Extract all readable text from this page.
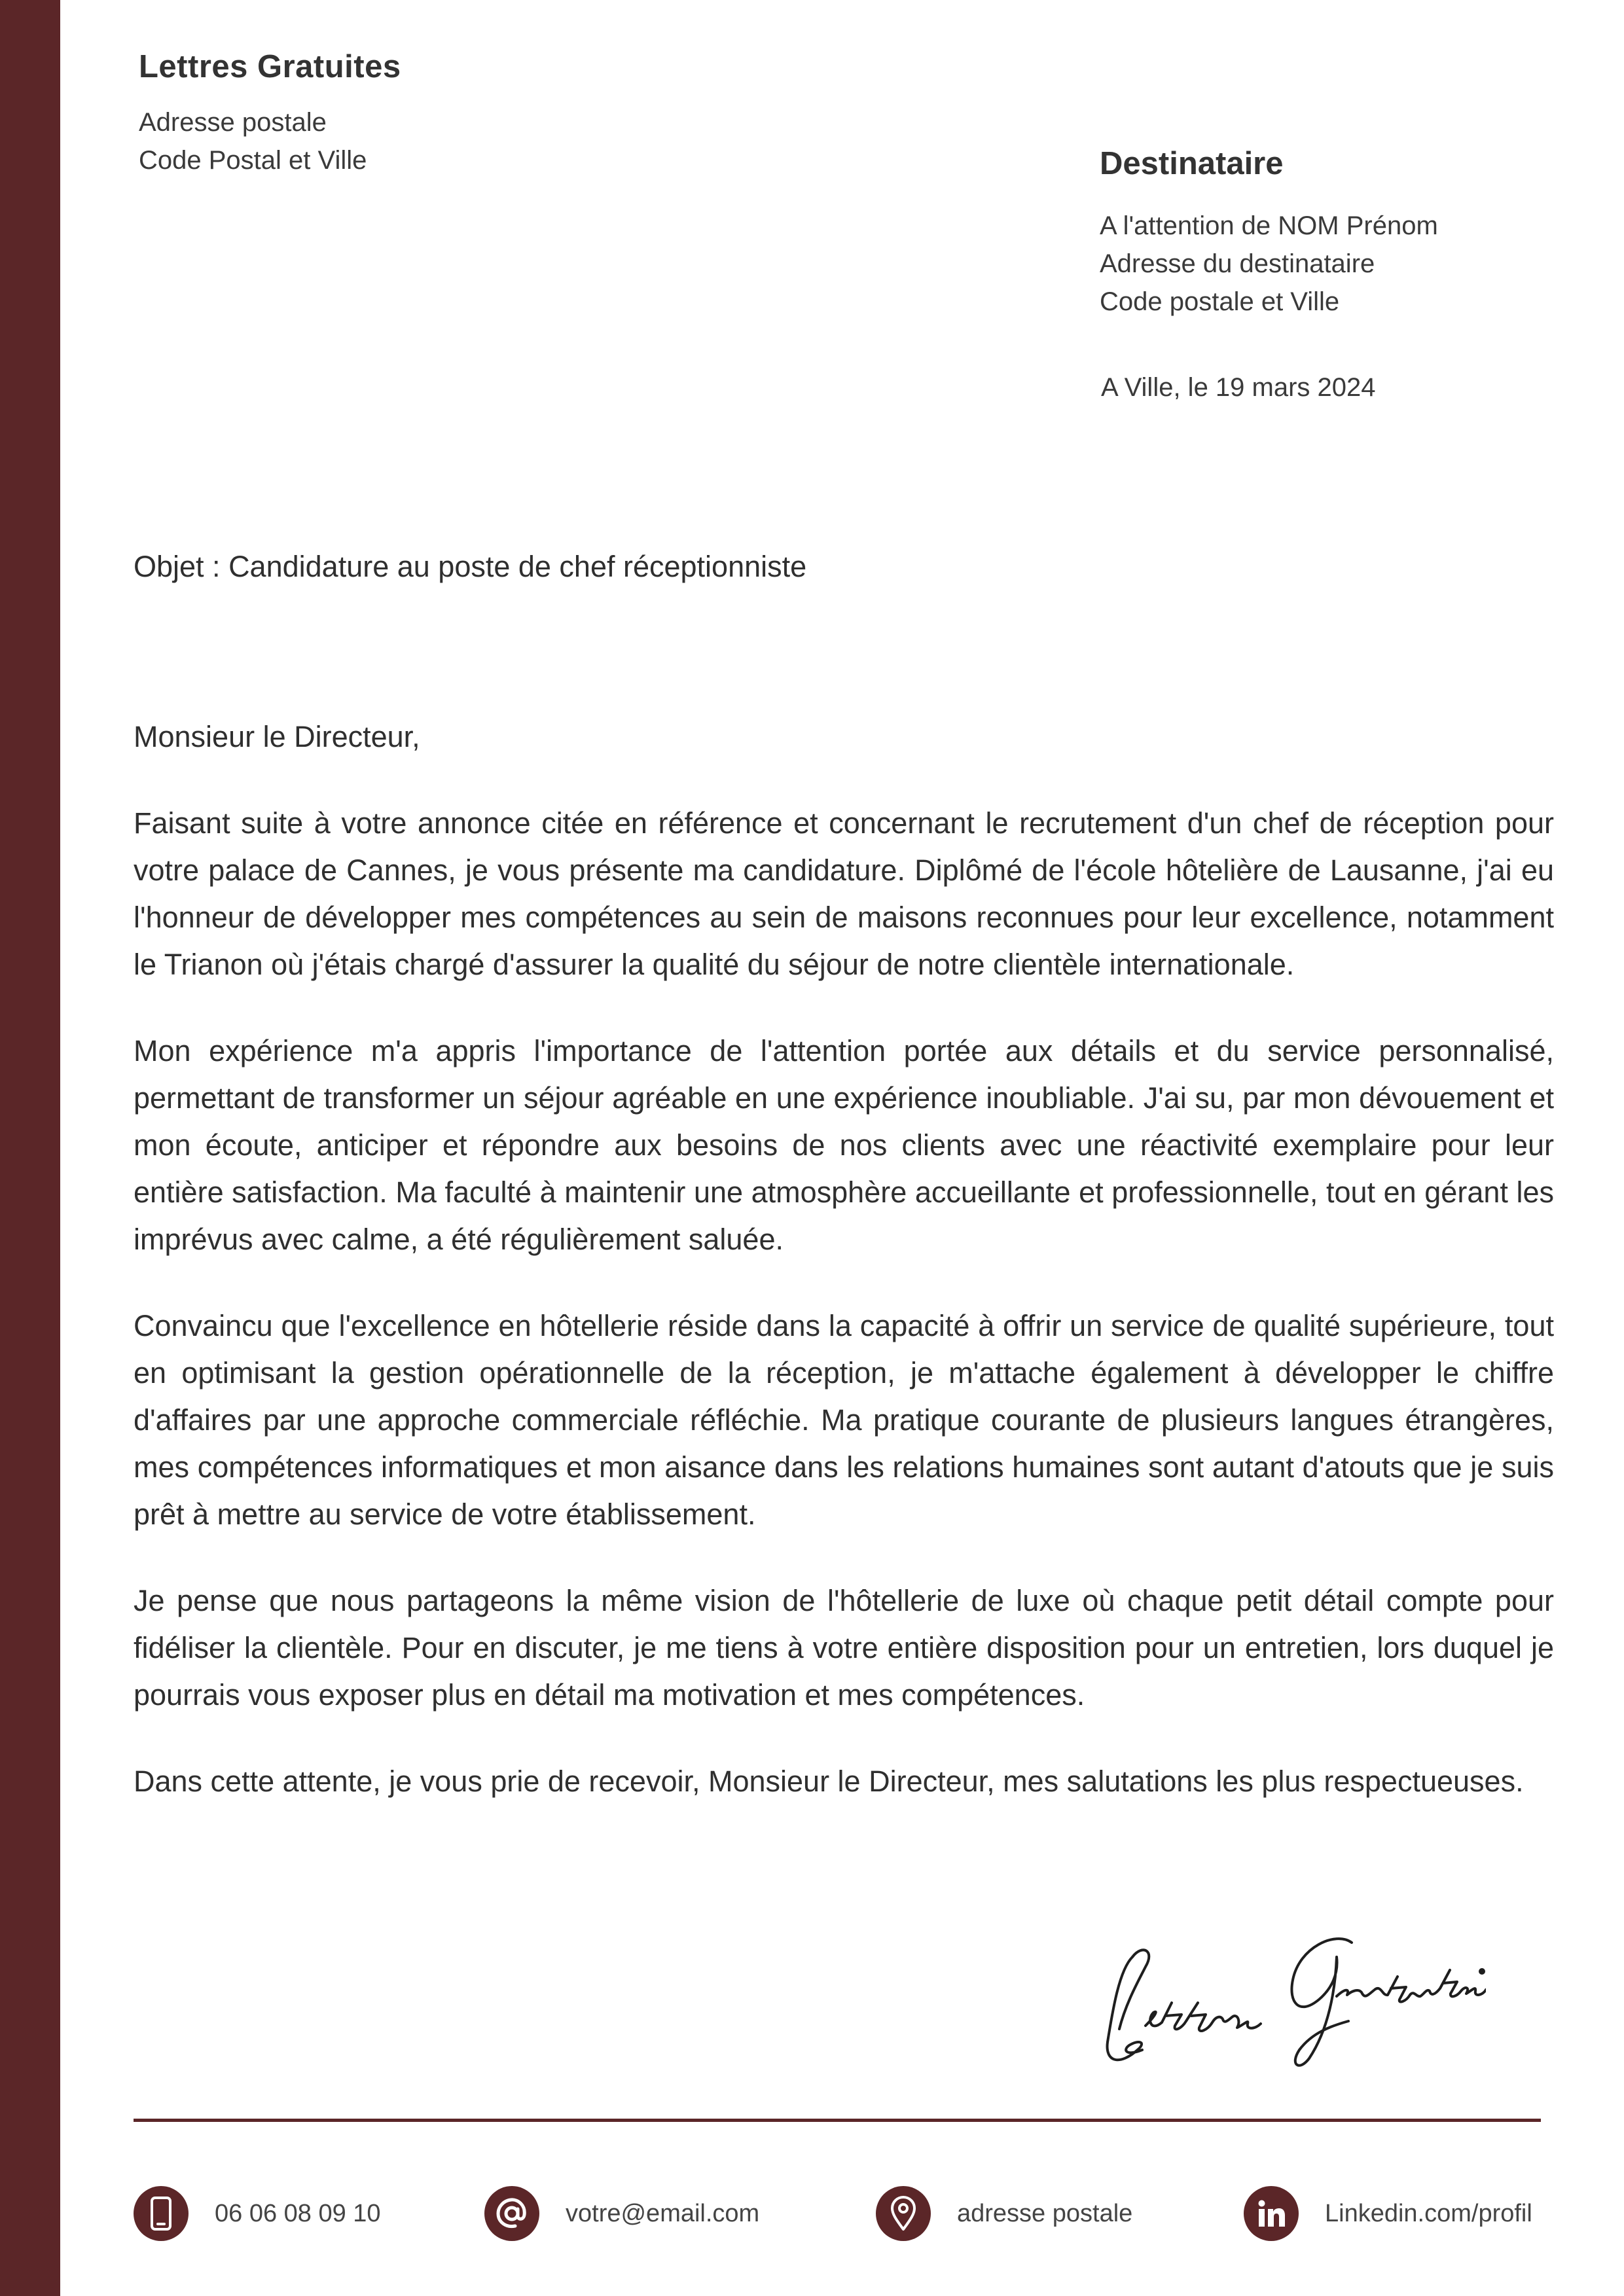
Lettres Gratuites
Adresse postale
Code Postal et Ville	Destinataire
A l'attention de NOM Prénom
Adresse du destinataire
Code postale et Ville
A Ville, le 19 mars 2024
Objet : Candidature au poste de chef réceptionniste

Monsieur le Directeur,

Faisant suite à votre annonce citée en référence et concernant le recrutement d'un chef de réception pour votre palace de Cannes, je vous présente ma candidature. Diplômé de l'école hôtelière de Lausanne, j'ai eu l'honneur de développer mes compétences au sein de maisons reconnues pour leur excellence, notamment le Trianon où j'étais chargé d'assurer la qualité du séjour de notre clientèle internationale.

Mon expérience m'a appris l'importance de l'attention portée aux détails et du service personnalisé, permettant de transformer un séjour agréable en une expérience inoubliable. J'ai su, par mon dévouement et mon écoute, anticiper et répondre aux besoins de nos clients avec une réactivité exemplaire pour leur entière satisfaction. Ma faculté à maintenir une atmosphère accueillante et professionnelle, tout en gérant les imprévus avec calme, a été régulièrement saluée.

Convaincu que l'excellence en hôtellerie réside dans la capacité à offrir un service de qualité supérieure, tout en optimisant la gestion opérationnelle de la réception, je m'attache également à développer le chiffre d'affaires par une approche commerciale réfléchie. Ma pratique courante de plusieurs langues étrangères, mes compétences informatiques et mon aisance dans les relations humaines sont autant d'atouts que je suis prêt à mettre au service de votre établissement.

Je pense que nous partageons la même vision de l'hôtellerie de luxe où chaque petit détail compte pour fidéliser la clientèle. Pour en discuter, je me tiens à votre entière disposition pour un entretien, lors duquel je pourrais vous exposer plus en détail ma motivation et mes compétences.

Dans cette attente, je vous prie de recevoir, Monsieur le Directeur, mes salutations les plus respectueuses.

06 06 08 09 10	votre@email.com	adresse postale	Linkedin.com/profil
